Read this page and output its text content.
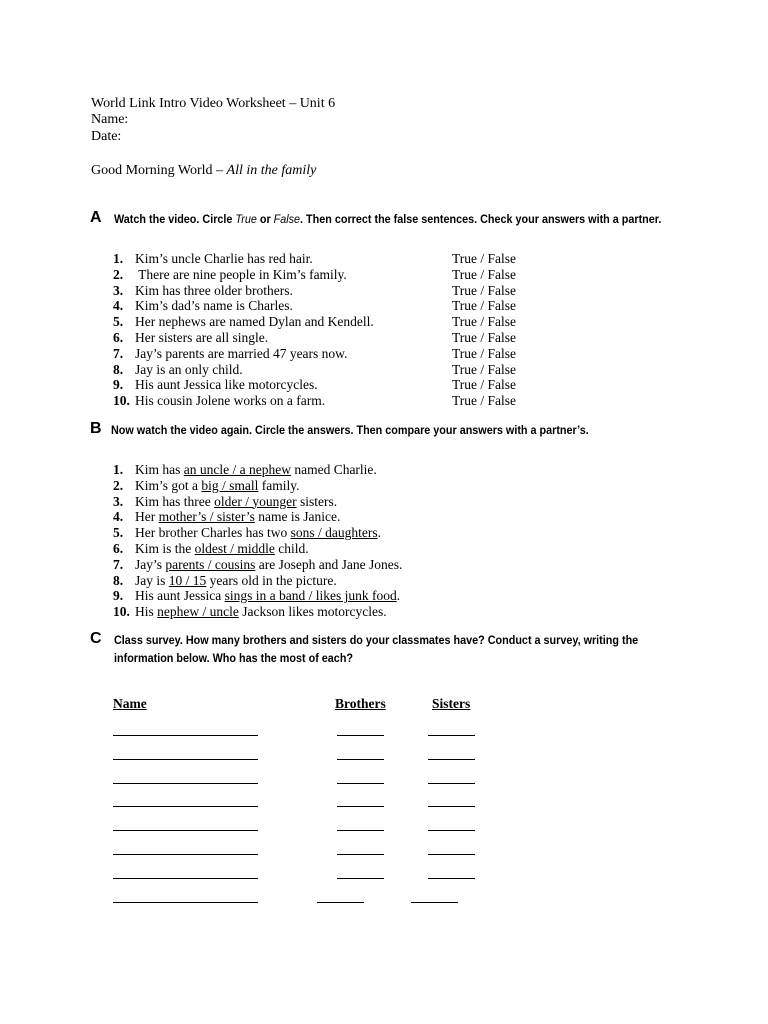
World Link Intro Video Worksheet – Unit 6
Name:
Date:
Good Morning World – All in the family
A Watch the video. Circle True or False. Then correct the false sentences. Check your answers with a partner.
1. Kim’s uncle Charlie has red hair.	True / False
2. There are nine people in Kim’s family.	True / False
3. Kim has three older brothers.	True / False
4. Kim’s dad’s name is Charles.	True / False
5. Her nephews are named Dylan and Kendell.	True / False
6. Her sisters are all single.	True / False
7. Jay’s parents are married 47 years now.	True / False
8. Jay is an only child.	True / False
9. His aunt Jessica like motorcycles.	True / False
10. His cousin Jolene works on a farm.	True / False
B Now watch the video again. Circle the answers. Then compare your answers with a partner’s.
1. Kim has an uncle / a nephew named Charlie.
2. Kim’s got a big / small family.
3. Kim has three older / younger sisters.
4. Her mother’s / sister’s name is Janice.
5. Her brother Charles has two sons / daughters.
6. Kim is the oldest / middle child.
7. Jay’s parents / cousins are Joseph and Jane Jones.
8. Jay is 10 / 15 years old in the picture.
9. His aunt Jessica sings in a band / likes junk food.
10. His nephew / uncle Jackson likes motorcycles.
C Class survey. How many brothers and sisters do your classmates have? Conduct a survey, writing the
information below. Who has the most of each?
Name	Brothers	Sisters
